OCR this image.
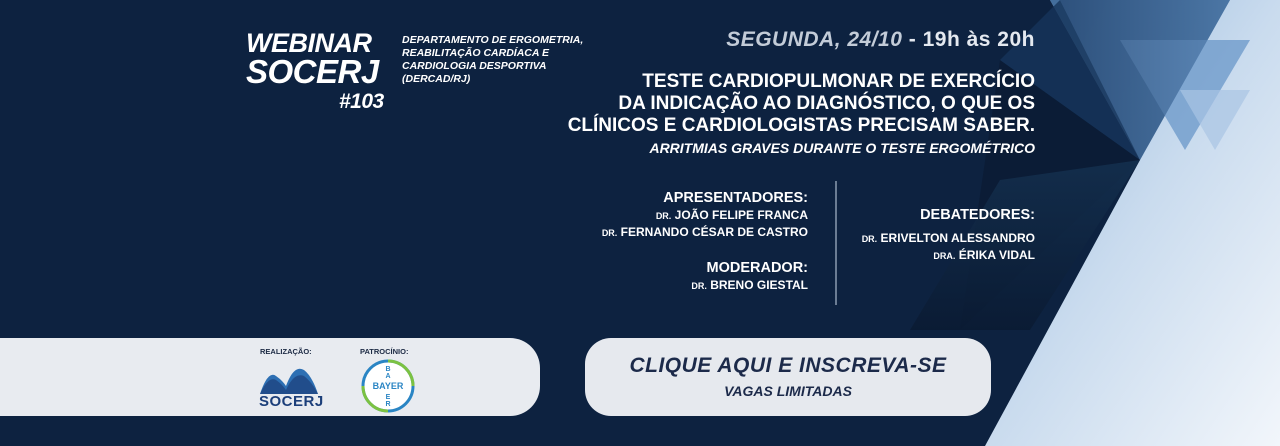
WEBINAR
SOCERJ
#103
DEPARTAMENTO DE ERGOMETRIA,
REABILITAÇÃO CARDÍACA E
CARDIOLOGIA DESPORTIVA
(DERCAD/RJ)
SEGUNDA, 24/10 - 19h às 20h
TESTE CARDIOPULMONAR DE EXERCÍCIO
DA INDICAÇÃO AO DIAGNÓSTICO, O QUE OS
CLÍNICOS E CARDIOLOGISTAS PRECISAM SABER.
ARRITMIAS GRAVES DURANTE O TESTE ERGOMÉTRICO
APRESENTADORES:
DR. JOÃO FELIPE FRANCA
DR. FERNANDO CÉSAR DE CASTRO
MODERADOR:
DR. BRENO GIESTAL
DEBATEDORES:
DR. ERIVELTON ALESSANDRO
DRA. ÉRIKA VIDAL
REALIZAÇÃO:	PATROCÍNIO:
SOCERJ
BAYER
B
A
E
R
CLIQUE AQUI E INSCREVA-SE
VAGAS LIMITADAS
